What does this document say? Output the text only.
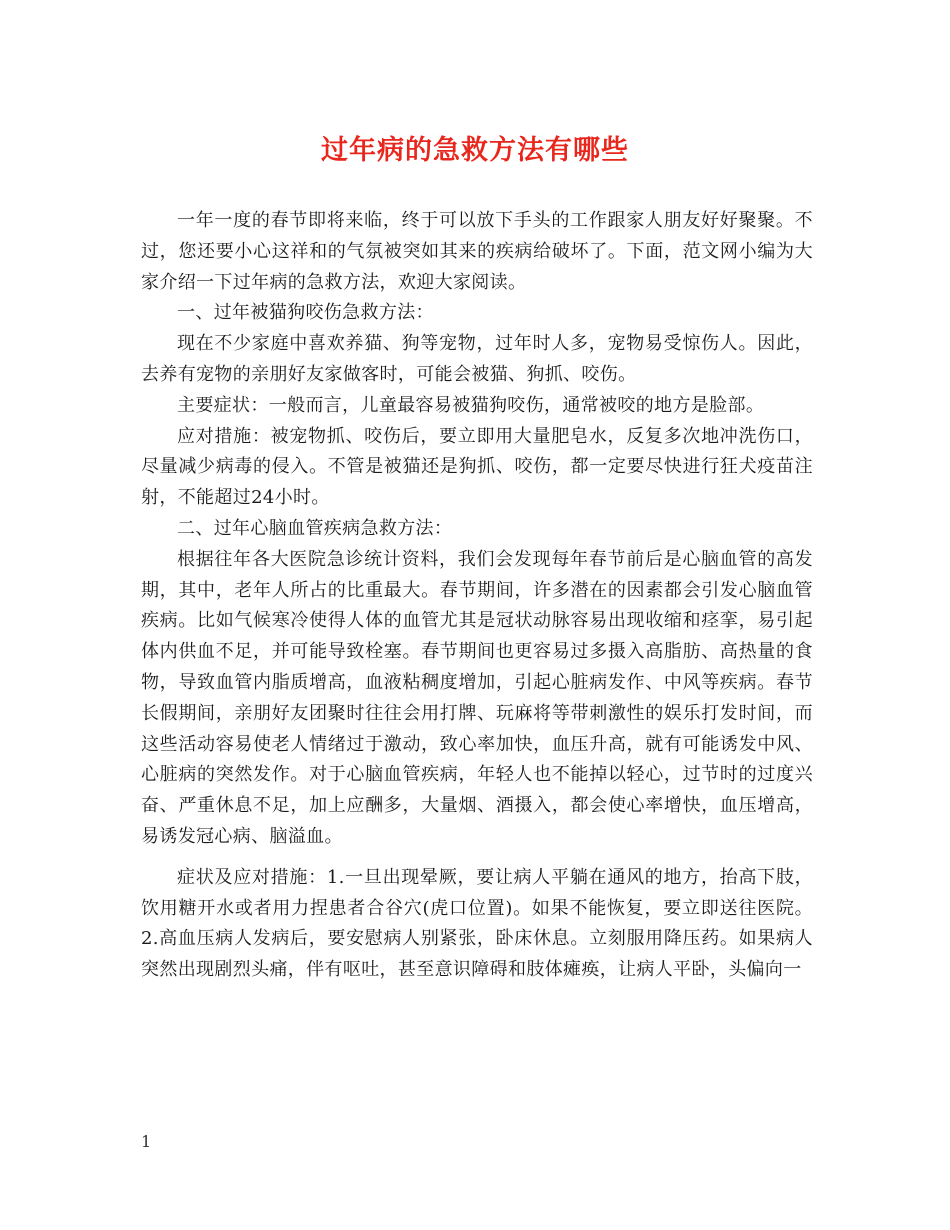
过年病的急救方法有哪些

一年一度的春节即将来临，终于可以放下手头的工作跟家人朋友好好聚聚。不过，您还要小心这祥和的气氛被突如其来的疾病给破坏了。下面，范文网小编为大家介绍一下过年病的急救方法，欢迎大家阅读。

一、过年被猫狗咬伤急救方法：

现在不少家庭中喜欢养猫、狗等宠物，过年时人多，宠物易受惊伤人。因此，去养有宠物的亲朋好友家做客时，可能会被猫、狗抓、咬伤。

主要症状：一般而言，儿童最容易被猫狗咬伤，通常被咬的地方是脸部。

应对措施：被宠物抓、咬伤后，要立即用大量肥皂水，反复多次地冲洗伤口，尽量减少病毒的侵入。不管是被猫还是狗抓、咬伤，都一定要尽快进行狂犬疫苗注射，不能超过24小时。

二、过年心脑血管疾病急救方法：

根据往年各大医院急诊统计资料，我们会发现每年春节前后是心脑血管的高发期，其中，老年人所占的比重最大。春节期间，许多潜在的因素都会引发心脑血管疾病。比如气候寒冷使得人体的血管尤其是冠状动脉容易出现收缩和痉挛，易引起体内供血不足，并可能导致栓塞。春节期间也更容易过多摄入高脂肪、高热量的食物，导致血管内脂质增高，血液粘稠度增加，引起心脏病发作、中风等疾病。春节长假期间，亲朋好友团聚时往往会用打牌、玩麻将等带刺激性的娱乐打发时间，而这些活动容易使老人情绪过于激动，致心率加快，血压升高，就有可能诱发中风、心脏病的突然发作。对于心脑血管疾病，年轻人也不能掉以轻心，过节时的过度兴奋、严重休息不足，加上应酬多，大量烟、酒摄入，都会使心率增快，血压增高，易诱发冠心病、脑溢血。

症状及应对措施：1.一旦出现晕厥，要让病人平躺在通风的地方，抬高下肢，饮用糖开水或者用力捏患者合谷穴(虎口位置)。如果不能恢复，要立即送往医院。2.高血压病人发病后，要安慰病人别紧张，卧床休息。立刻服用降压药。如果病人突然出现剧烈头痛，伴有呕吐，甚至意识障碍和肢体瘫痪，让病人平卧，头偏向一

1
